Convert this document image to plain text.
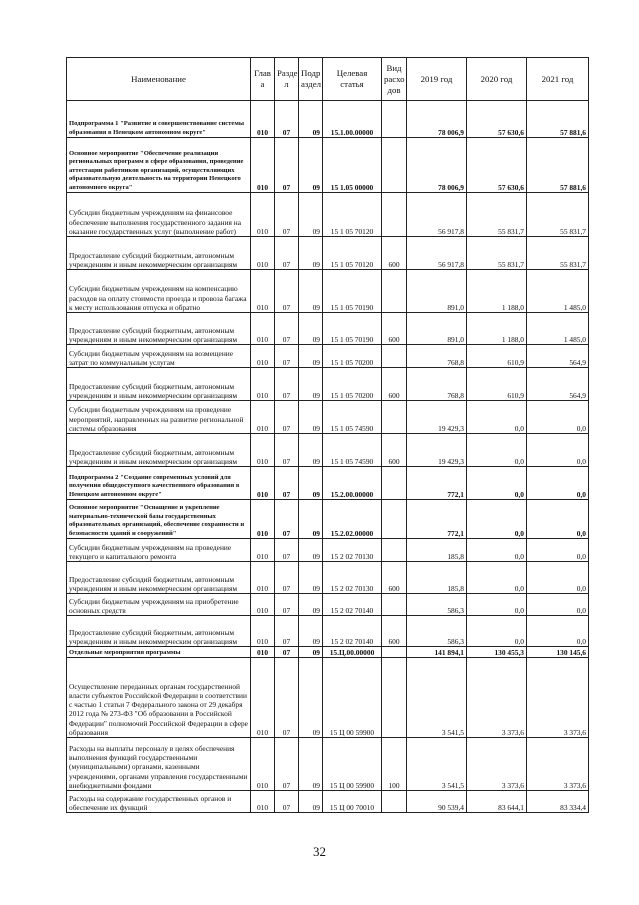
Наименование	Глав а	Разде л	Подр аздел	Целевая статья	Вид расхо дов	2019 год	2020 год	2021 год
Подпрограмма 1 "Развитие и совершенствование системы образования в Ненецком автономном округе"	010	07	09	15.1.00.00000		78 006,9	57 630,6	57 881,6
Основное мероприятие "Обеспечение реализации региональных программ в сфере образования, проведение аттестации работников организаций, осуществляющих образовательную деятельность на территории Ненецкого автономного округа"	010	07	09	15 1.05 00000		78 006,9	57 630,6	57 881,6
Субсидии бюджетным учреждениям на финансовое обеспечение выполнения государственного задания на оказание государственных услуг (выполнение работ)	010	07	09	15 1 05 70120		56 917,8	55 831,7	55 831,7
Предоставление субсидий бюджетным, автономным учреждениям и иным некоммерческим организациям	010	07	09	15 1 05 70120	600	56 917,8	55 831,7	55 831,7
Субсидии бюджетным учреждениям на компенсацию расходов на оплату стоимости проезда и провоза багажа к месту использования отпуска и обратно	010	07	09	15 1 05 70190		891,0	1 188,0	1 485,0
Предоставление субсидий бюджетным, автономным учреждениям и иным некоммерческим организациям	010	07	09	15 1 05 70190	600	891,0	1 188,0	1 485,0
Субсидии бюджетным учреждениям на возмещение затрат по коммунальным услугам	010	07	09	15 1 05 70200		768,8	610,9	564,9
Предоставление субсидий бюджетным, автономным учреждениям и иным некоммерческим организациям	010	07	09	15 1 05 70200	600	768,8	610,9	564,9
Субсидии бюджетным учреждениям на проведение мероприятий, направленных на развитие региональной системы образования	010	07	09	15 1 05 74590		19 429,3	0,0	0,0
Предоставление субсидий бюджетным, автономным учреждениям и иным некоммерческим организациям	010	07	09	15 1 05 74590	600	19 429,3	0,0	0,0
Подпрограмма 2 "Создание современных условий для получения общедоступного качественного образования в Ненецком автономном округе"	010	07	09	15.2.00.00000		772,1	0,0	0,0
Основное мероприятие "Оснащение и укрепление материально-технической базы государственных образовательных организаций, обеспечение сохранности и безопасности зданий и сооружений"	010	07	09	15.2.02.00000		772,1	0,0	0,0
Субсидии бюджетным учреждениям на проведение текущего и капитального ремонта	010	07	09	15 2 02 70130		185,8	0,0	0,0
Предоставление субсидий бюджетным, автономным учреждениям и иным некоммерческим организациям	010	07	09	15 2 02 70130	600	185,8	0,0	0,0
Субсидии бюджетным учреждениям на приобретение основных средств	010	07	09	15 2 02 70140		586,3	0,0	0,0
Предоставление субсидий бюджетным, автономным учреждениям и иным некоммерческим организациям	010	07	09	15 2 02 70140	600	586,3	0,0	0,0
Отдельные мероприятия программы	010	07	09	15.Ц.00.00000		141 894,1	130 455,3	130 145,6
Осуществление переданных органам государственной власти субъектов Российской Федерации в соответствии с частью 1 статьи 7 Федерального закона от 29 декабря 2012 года № 273-ФЗ "Об образовании в Российской Федерации" полномочий Российской Федерации в сфере образования	010	07	09	15 Ц 00 59900		3 541,5	3 373,6	3 373,6
Расходы на выплаты персоналу в целях обеспечения выполнения функций государственными (муниципальными) органами, казенными учреждениями, органами управления государственными внебюджетными фондами	010	07	09	15 Ц 00 59900	100	3 541,5	3 373,6	3 373,6
Расходы на содержание государственных органов и обеспечение их функций	010	07	09	15 Ц 00 70010		90 539,4	83 644,1	83 334,4
32
